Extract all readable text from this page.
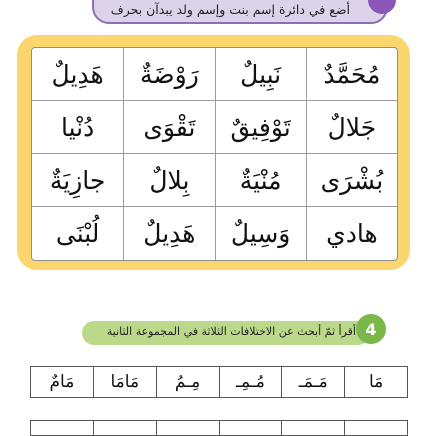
أضع في دائرة إسم بنت وإسم ولد يبدآن بحرف
مُحَمَّدٌ
نَبِيلٌ
رَوْضَةٌ
هَدِيلٌ
جَلالٌ
تَوْفِيقٌ
تَقْوَى
دُنْيا
بُشْرَى
مُنْيَةٌ
بِلالٌ
جازِيَةٌ
هادي
وَسِيلٌ
هَدِيلٌ
لُبْنَى
أقرأ ثمّ أبحث عن الاختلافات الثلاثة في المجموعة الثانية 4
مَا
مَـمَـ
مُـمِـ
مِـمُ
مَامَا
مَامٌ
